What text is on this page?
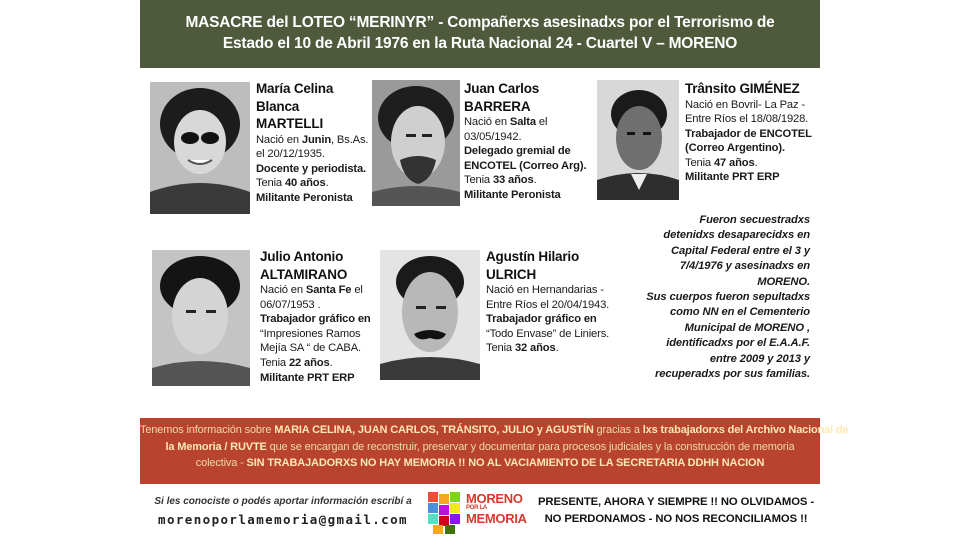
MASACRE del LOTEO “MERINYR” - Compañerxs asesinadxs por el Terrorismo de
Estado el 10 de Abril 1976 en la Ruta Nacional 24 - Cuartel V – MORENO
María Celina
Blanca
MARTELLI
Nació en Junin, Bs.As.
el 20/12/1935.
Docente y periodista.
Tenia 40 años.
Militante Peronista
Juan Carlos
BARRERA
Nació en Salta el
03/05/1942.
Delegado gremial de
ENCOTEL (Correo Arg).
Tenia 33 años.
Militante Peronista
Trânsito GIMÉNEZ
Nació en Bovril- La Paz -
Entre Ríos el 18/08/1928.
Trabajador de ENCOTEL
(Correo Argentino).
Tenia 47 años.
Militante PRT ERP
Julio Antonio
ALTAMIRANO
Nació en Santa Fe el
06/07/1953 .
Trabajador gráfico en
“Impresiones Ramos
Mejía SA “ de CABA.
Tenia 22 años.
Militante PRT ERP
Agustín Hilario
ULRICH
Nació en Hernandarias -
Entre Ríos el 20/04/1943.
Trabajador gráfico en
“Todo Envase” de Liniers.
Tenia 32 años.
Fueron secuestradxs
detenidxs desaparecidxs en
Capital Federal entre el 3 y
7/4/1976 y asesinadxs en
MORENO.
Sus cuerpos fueron sepultadxs
como NN en el Cementerio
Municipal de MORENO ,
identificadxs por el E.A.A.F.
entre 2009 y 2013 y
recuperadxs por sus familias.
Tenemos información sobre MARIA CELINA, JUAN CARLOS, TRÁNSITO, JULIO y AGUSTÍN gracias a lxs trabajadorxs del Archivo Nacional de
la Memoria / RUVTE que se encargan de reconstruir, preservar y documentar para procesos judiciales y la construcción de memoria
colectiva - SIN TRABAJADORXS NO HAY MEMORIA !! NO AL VACIAMIENTO DE LA SECRETARIA DDHH NACION
Si les conociste o podés aportar información escribí a
morenoporlamemoria@gmail.com
MORENO
POR LA
MEMORIA
PRESENTE, AHORA Y SIEMPRE !! NO OLVIDAMOS -
NO PERDONAMOS - NO NOS RECONCILIAMOS !!
